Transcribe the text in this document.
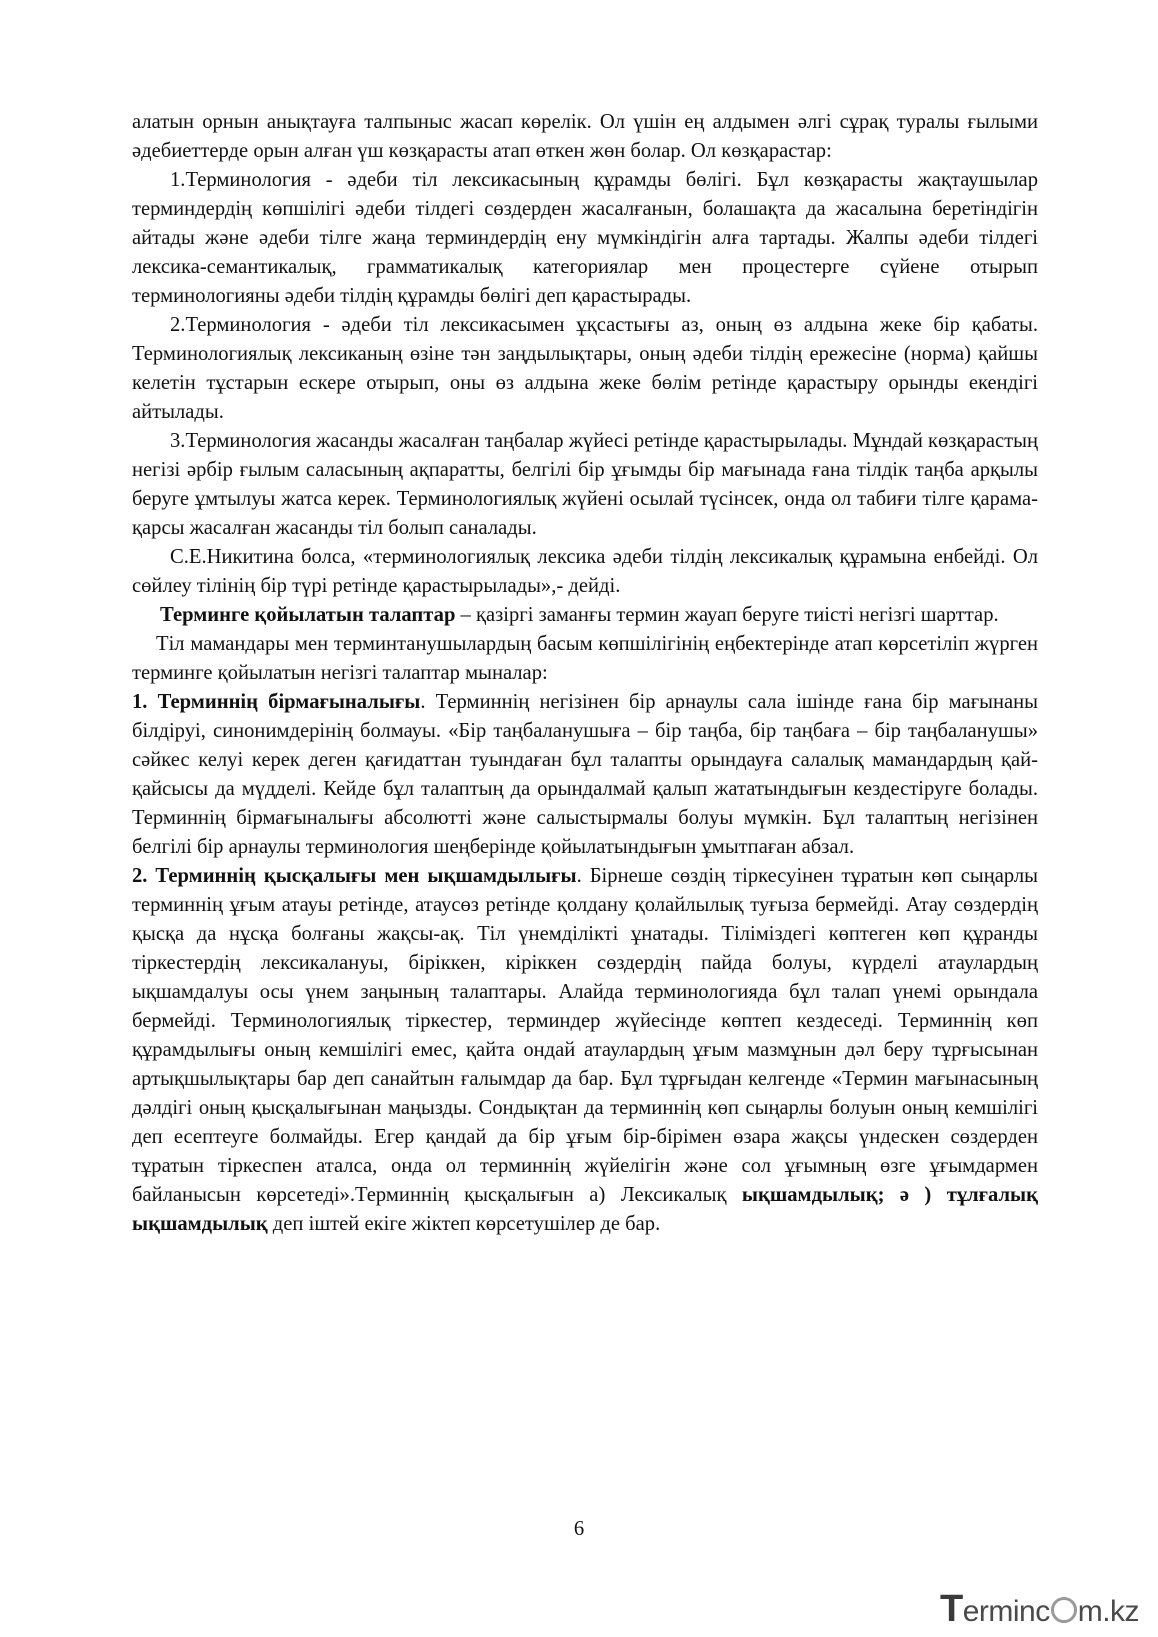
алатын орнын анықтауға талпыныс жасап көрелік. Ол үшін ең алдымен әлгі сұрақ туралы ғылыми әдебиеттерде орын алған үш көзқарасты атап өткен жөн болар. Ол көзқарастар:

1.Терминология - әдеби тіл лексикасының құрамды бөлігі. Бұл көзқарасты жақтаушылар терминдердің көпшілігі әдеби тілдегі сөздерден жасалғанын, болашақта да жасалына беретіндігін айтады және әдеби тілге жаңа терминдердің ену мүмкіндігін алға тартады. Жалпы әдеби тілдегі лексика-семантикалық, грамматикалық категориялар мен процестерге сүйене отырып терминологияны әдеби тілдің құрамды бөлігі деп қарастырады.

2.Терминология - әдеби тіл лексикасымен ұқсастығы аз, оның өз алдына жеке бір қабаты. Терминологиялық лексиканың өзіне тән заңдылықтары, оның әдеби тілдің ережесіне (норма) қайшы келетін тұстарын ескере отырып, оны өз алдына жеке бөлім ретінде қарастыру орынды екендігі айтылады.

3.Терминология жасанды жасалған таңбалар жүйесі ретінде қарастырылады. Мұндай көзқарастың негізі әрбір ғылым саласының ақпаратты, белгілі бір ұғымды бір мағынада ғана тілдік таңба арқылы беруге ұмтылуы жатса керек. Терминологиялық жүйені осылай түсінсек, онда ол табиғи тілге қарама-қарсы жасалған жасанды тіл болып саналады.

С.Е.Никитина болса, «терминологиялық лексика әдеби тілдің лексикалық құрамына енбейді. Ол сөйлеу тілінің бір түрі ретінде қарастырылады»,- дейді.

Терминге қойылатын талаптар – қазіргі заманғы термин жауап беруге тиісті негізгі шарттар.

Тіл мамандары мен терминтанушылардың басым көпшілігінің еңбектерінде атап көрсетіліп жүрген терминге қойылатын негізгі талаптар мыналар:

1. Терминнің бірмағыналығы. Терминнің негізінен бір арнаулы сала ішінде ғана бір мағынаны білдіруі, синонимдерінің болмауы. «Бір таңбаланушыға – бір таңба, бір таңбаға – бір таңбаланушы» сәйкес келуі керек деген қағидаттан туындаған бұл талапты орындауға салалық мамандардың қай-қайсысы да мүдделі. Кейде бұл талаптың да орындалмай қалып жататындығын кездестіруге болады. Терминнің бірмағыналығы абсолютті және салыстырмалы болуы мүмкін. Бұл талаптың негізінен белгілі бір арнаулы терминология шеңберінде қойылатындығын ұмытпаған абзал.

2. Терминнің қысқалығы мен ықшамдылығы. Бірнеше сөздің тіркесуінен тұратын көп сыңарлы терминнің ұғым атауы ретінде, атаусөз ретінде қолдану қолайлылық туғыза бермейді. Атау сөздердің қысқа да нұсқа болғаны жақсы-ақ. Тіл үнемділікті ұнатады. Тіліміздегі көптеген көп құранды тіркестердің лексикалануы, біріккен, кіріккен сөздердің пайда болуы, күрделі атаулардың ықшамдалуы осы үнем заңының талаптары. Алайда терминологияда бұл талап үнемі орындала бермейді. Терминологиялық тіркестер, терминдер жүйесінде көптеп кездеседі. Терминнің көп құрамдылығы оның кемшілігі емес, қайта ондай атаулардың ұғым мазмұнын дәл беру тұрғысынан артықшылықтары бар деп санайтын ғалымдар да бар. Бұл тұрғыдан келгенде «Термин мағынасының дәлдігі оның қысқалығынан маңызды. Сондықтан да терминнің көп сыңарлы болуын оның кемшілігі деп есептеуге болмайды. Егер қандай да бір ұғым бір-бірімен өзара жақсы үндескен сөздерден тұратын тіркеспен аталса, онда ол терминнің жүйелігін және сол ұғымның өзге ұғымдармен байланысын көрсетеді».Терминнің қысқалығын а) Лексикалық ықшамдылық; ә ) тұлғалық ықшамдылық деп іштей екіге жіктеп көрсетушілер де бар.

6
Terminc m.kz
